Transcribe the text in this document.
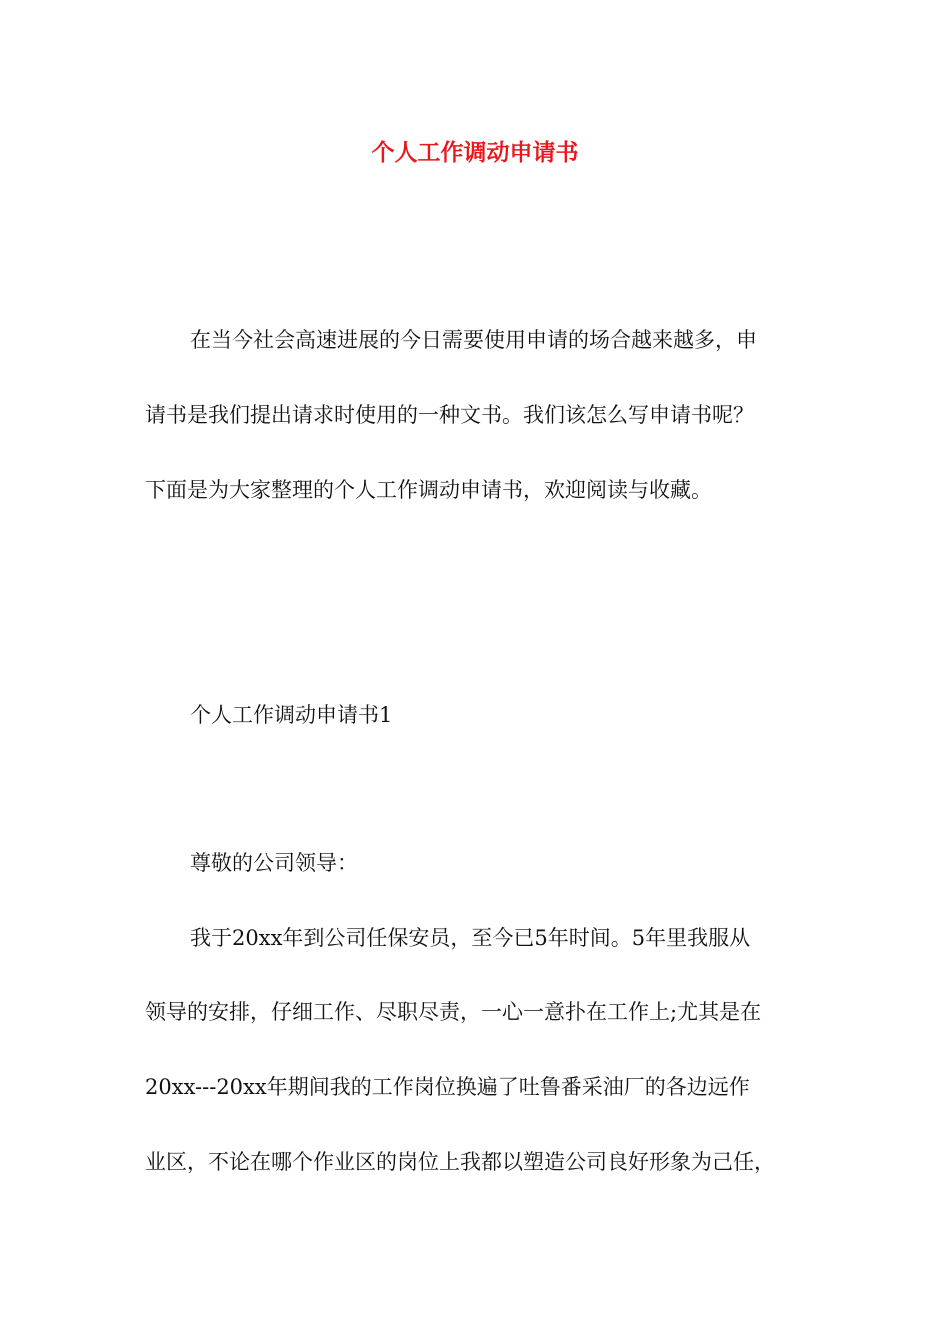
个人工作调动申请书
在当今社会高速进展的今日需要使用申请的场合越来越多，申
请书是我们提出请求时使用的一种文书。我们该怎么写申请书呢？
下面是为大家整理的个人工作调动申请书，欢迎阅读与收藏。
个人工作调动申请书1
尊敬的公司领导：
我于20xx年到公司任保安员，至今已5年时间。5年里我服从
领导的安排，仔细工作、尽职尽责，一心一意扑在工作上;尤其是在
20xx---20xx年期间我的工作岗位换遍了吐鲁番采油厂的各边远作
业区，不论在哪个作业区的岗位上我都以塑造公司良好形象为己任，
